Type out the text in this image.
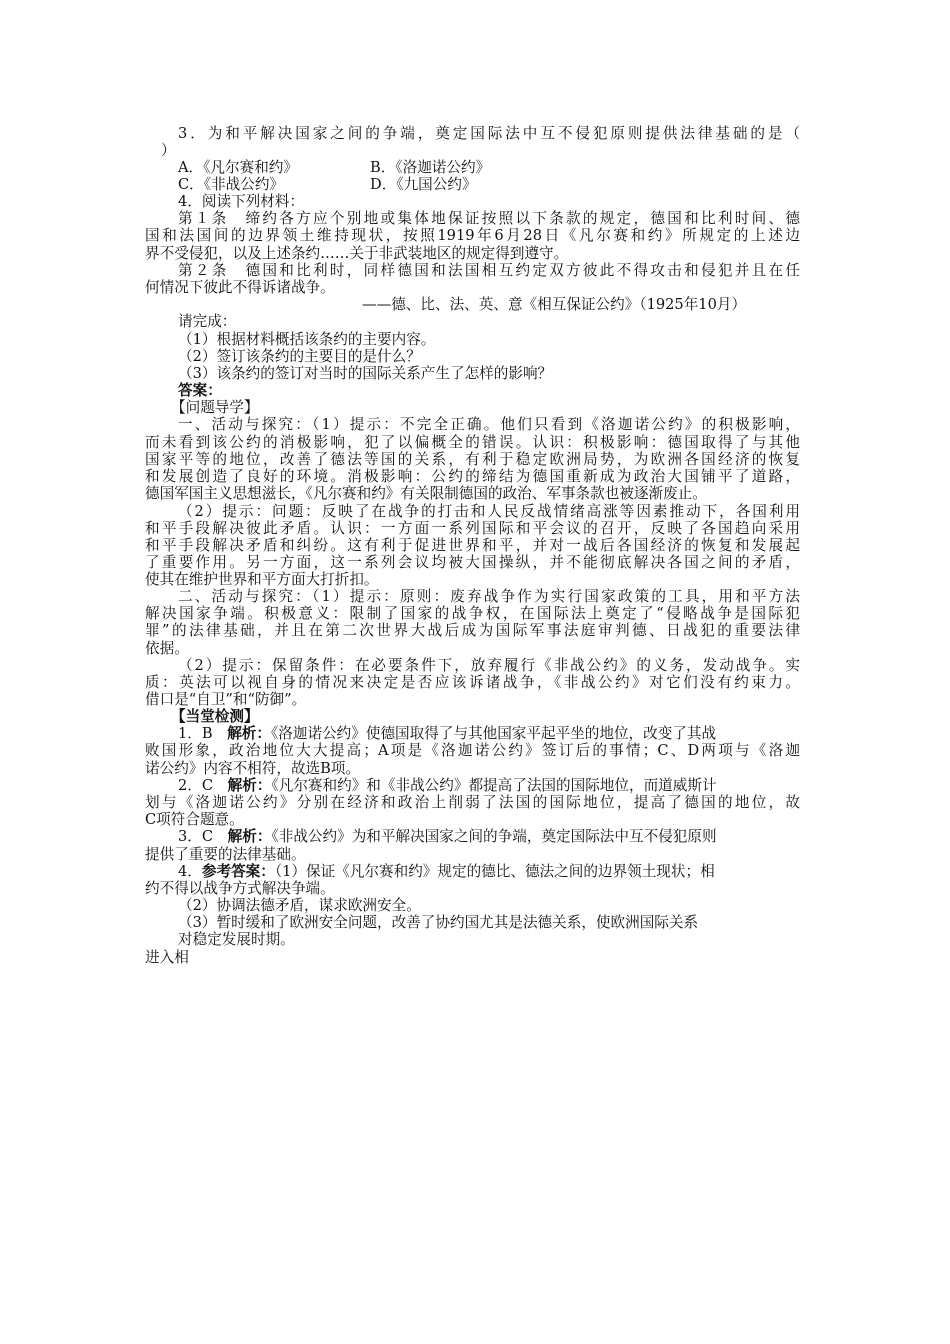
3．为和平解决国家之间的争端，奠定国际法中互不侵犯原则提供法律基础的是（
）
A．《凡尔赛和约》	B．《洛迦诺公约》
C．《非战公约》	D．《九国公约》
4．阅读下列材料：
第１条　缔约各方应个别地或集体地保证按照以下条款的规定，德国和比利时间、德
国和法国间的边界领土维持现状，按照1919年6月28日《凡尔赛和约》所规定的上述边
界不受侵犯，以及上述条约……关于非武装地区的规定得到遵守。
第２条　德国和比利时，同样德国和法国相互约定双方彼此不得攻击和侵犯并且在任
何情况下彼此不得诉诸战争。
——德、比、法、英、意《相互保证公约》（1925年10月）
请完成：
（1）根据材料概括该条约的主要内容。
（2）签订该条约的主要目的是什么？
（3）该条约的签订对当时的国际关系产生了怎样的影响？
答案：
【问题导学】
一、活动与探究：（1）提示：不完全正确。他们只看到《洛迦诺公约》的积极影响，
而未看到该公约的消极影响，犯了以偏概全的错误。认识：积极影响：德国取得了与其他
国家平等的地位，改善了德法等国的关系，有利于稳定欧洲局势，为欧洲各国经济的恢复
和发展创造了良好的环境。消极影响：公约的缔结为德国重新成为政治大国铺平了道路，
德国军国主义思想滋长，《凡尔赛和约》有关限制德国的政治、军事条款也被逐渐废止。
（2）提示：问题：反映了在战争的打击和人民反战情绪高涨等因素推动下，各国利用
和平手段解决彼此矛盾。认识：一方面一系列国际和平会议的召开，反映了各国趋向采用
和平手段解决矛盾和纠纷。这有利于促进世界和平，并对一战后各国经济的恢复和发展起
了重要作用。另一方面，这一系列会议均被大国操纵，并不能彻底解决各国之间的矛盾，
使其在维护世界和平方面大打折扣。
二、活动与探究：（1）提示：原则：废弃战争作为实行国家政策的工具，用和平方法
解决国家争端。积极意义：限制了国家的战争权，在国际法上奠定了“侵略战争是国际犯
罪”的法律基础，并且在第二次世界大战后成为国际军事法庭审判德、日战犯的重要法律
依据。
（2）提示：保留条件：在必要条件下，放弃履行《非战公约》的义务，发动战争。实
质：英法可以视自身的情况来决定是否应该诉诸战争，《非战公约》对它们没有约束力。
借口是“自卫”和“防御”。
【当堂检测】
1．B　解析：《洛迦诺公约》使德国取得了与其他国家平起平坐的地位，改变了其战
败国形象，政治地位大大提高；A项是《洛迦诺公约》签订后的事情；C、D两项与《洛迦
诺公约》内容不相符，故选B项。
2．C　解析：《凡尔赛和约》和《非战公约》都提高了法国的国际地位，而道威斯计
划与《洛迦诺公约》分别在经济和政治上削弱了法国的国际地位，提高了德国的地位，故
C项符合题意。
3．C　解析：《非战公约》为和平解决国家之间的争端，奠定国际法中互不侵犯原则
提供了重要的法律基础。
4．参考答案：（1）保证《凡尔赛和约》规定的德比、德法之间的边界领土现状；相
约不得以战争方式解决争端。
（2）协调法德矛盾，谋求欧洲安全。
（3）暂时缓和了欧洲安全问题，改善了协约国尤其是法德关系，使欧洲国际关系
对稳定发展时期。
进入相
